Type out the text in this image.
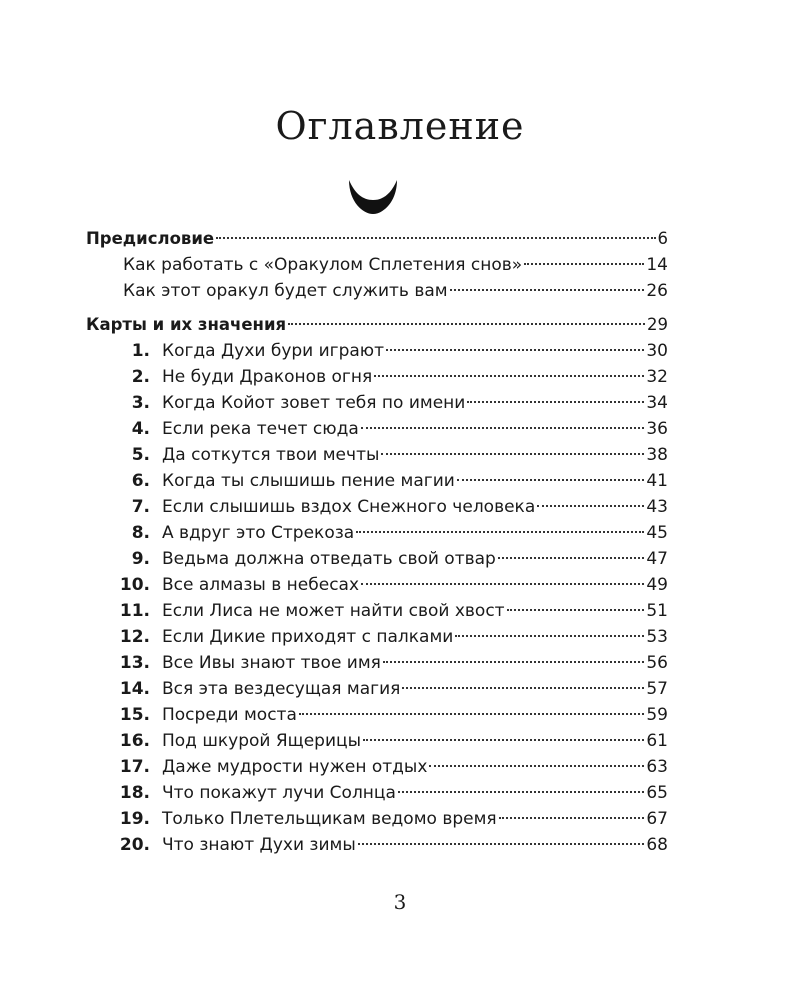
Оглавление
Предисловие	6
Как работать с «Оракулом Сплетения снов»	14
Как этот оракул будет служить вам	26
Карты и их значения	29
1. Когда Духи бури играют	30
2. Не буди Драконов огня	32
3. Когда Койот зовет тебя по имени	34
4. Если река течет сюда	36
5. Да соткутся твои мечты	38
6. Когда ты слышишь пение магии	41
7. Если слышишь вздох Снежного человека	43
8. А вдруг это Стрекоза	45
9. Ведьма должна отведать свой отвар	47
10. Все алмазы в небесах	49
11. Если Лиса не может найти свой хвост	51
12. Если Дикие приходят с палками	53
13. Все Ивы знают твое имя	56
14. Вся эта вездесущая магия	57
15. Посреди моста	59
16. Под шкурой Ящерицы	61
17. Даже мудрости нужен отдых	63
18. Что покажут лучи Солнца	65
19. Только Плетельщикам ведомо время	67
20. Что знают Духи зимы	68
3
